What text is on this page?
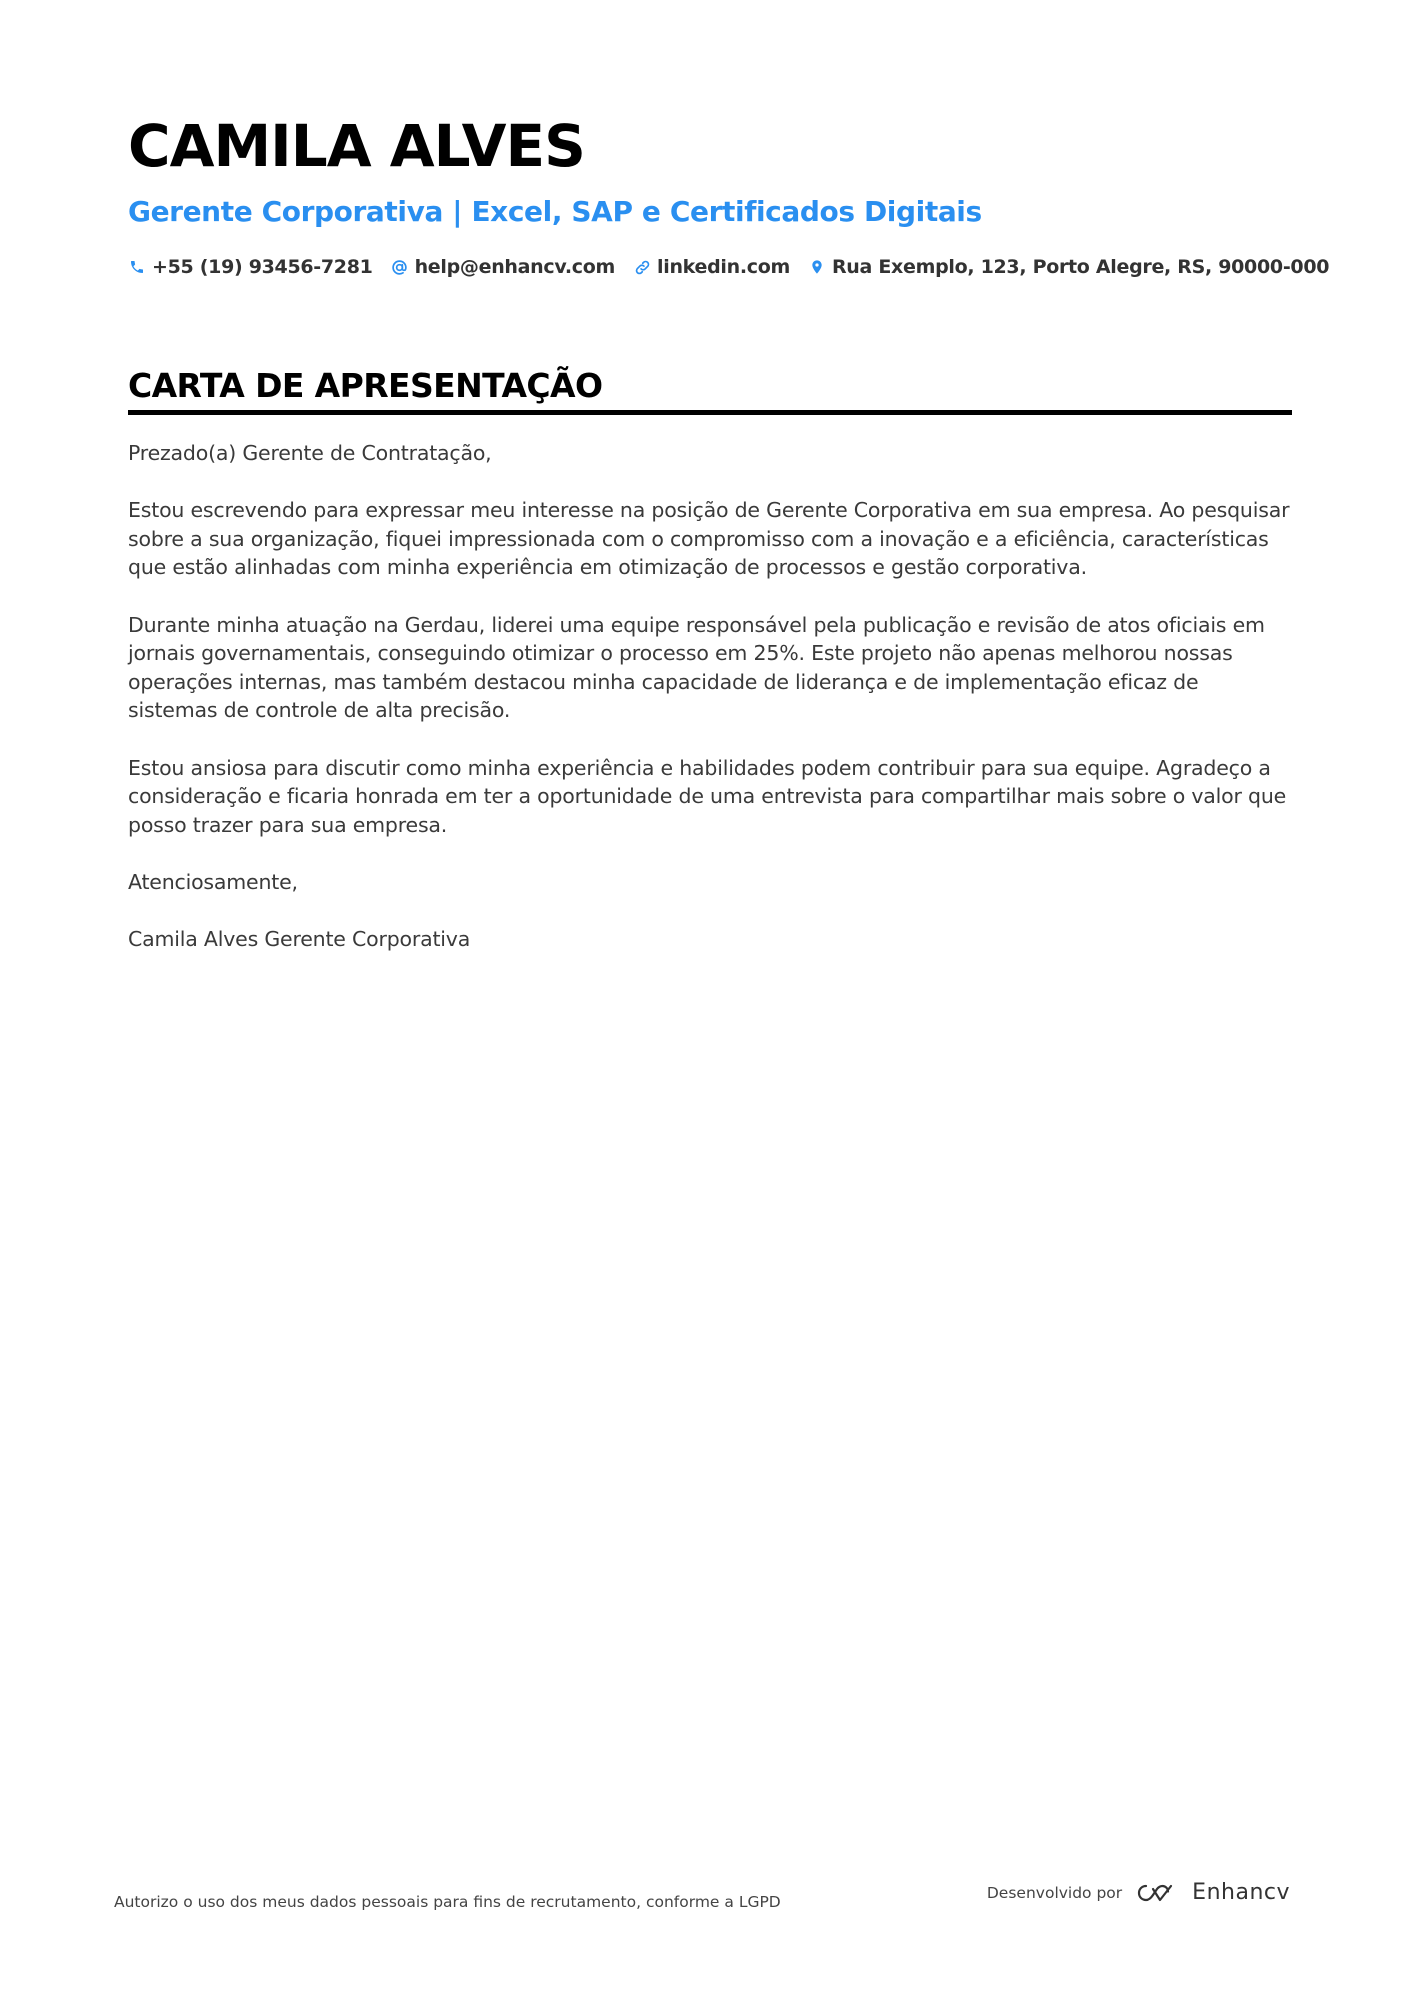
CAMILA ALVES
Gerente Corporativa | Excel, SAP e Certificados Digitais
+55 (19) 93456-7281 help@enhancv.com linkedin.com Rua Exemplo, 123, Porto Alegre, RS, 90000-000
CARTA DE APRESENTAÇÃO

Prezado(a) Gerente de Contratação,

Estou escrevendo para expressar meu interesse na posição de Gerente Corporativa em sua empresa. Ao pesquisar sobre a sua organização, fiquei impressionada com o compromisso com a inovação e a eficiência, características que estão alinhadas com minha experiência em otimização de processos e gestão corporativa.

Durante minha atuação na Gerdau, liderei uma equipe responsável pela publicação e revisão de atos oficiais em jornais governamentais, conseguindo otimizar o processo em 25%. Este projeto não apenas melhorou nossas operações internas, mas também destacou minha capacidade de liderança e de implementação eficaz de sistemas de controle de alta precisão.

Estou ansiosa para discutir como minha experiência e habilidades podem contribuir para sua equipe. Agradeço a consideração e ficaria honrada em ter a oportunidade de uma entrevista para compartilhar mais sobre o valor que posso trazer para sua empresa.

Atenciosamente,

Camila Alves Gerente Corporativa

Autorizo o uso dos meus dados pessoais para fins de recrutamento, conforme a LGPD
Desenvolvido por	Enhancv
